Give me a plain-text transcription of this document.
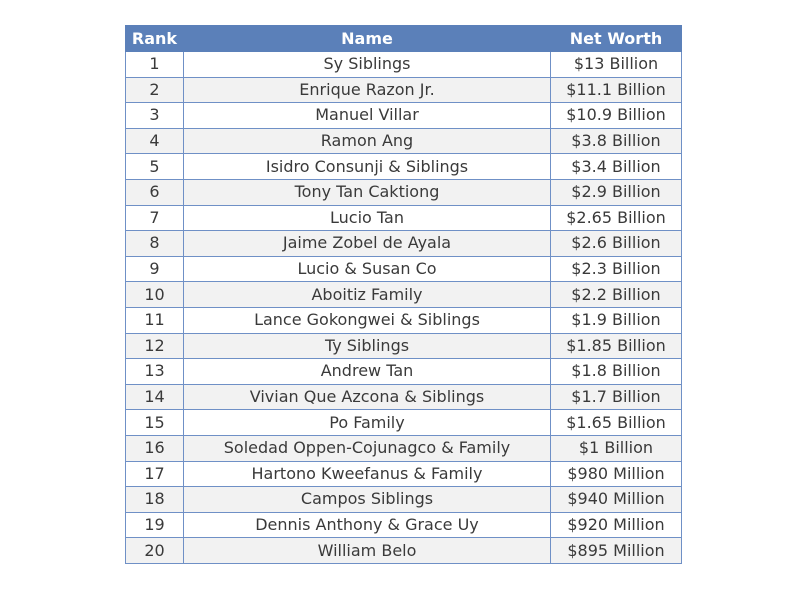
Rank	Name	Net Worth
1	Sy Siblings	$13 Billion
2	Enrique Razon Jr.	$11.1 Billion
3	Manuel Villar	$10.9 Billion
4	Ramon Ang	$3.8 Billion
5	Isidro Consunji & Siblings	$3.4 Billion
6	Tony Tan Caktiong	$2.9 Billion
7	Lucio Tan	$2.65 Billion
8	Jaime Zobel de Ayala	$2.6 Billion
9	Lucio & Susan Co	$2.3 Billion
10	Aboitiz Family	$2.2 Billion
11	Lance Gokongwei & Siblings	$1.9 Billion
12	Ty Siblings	$1.85 Billion
13	Andrew Tan	$1.8 Billion
14	Vivian Que Azcona & Siblings	$1.7 Billion
15	Po Family	$1.65 Billion
16	Soledad Oppen-Cojunagco & Family	$1 Billion
17	Hartono Kweefanus & Family	$980 Million
18	Campos Siblings	$940 Million
19	Dennis Anthony & Grace Uy	$920 Million
20	William Belo	$895 Million
